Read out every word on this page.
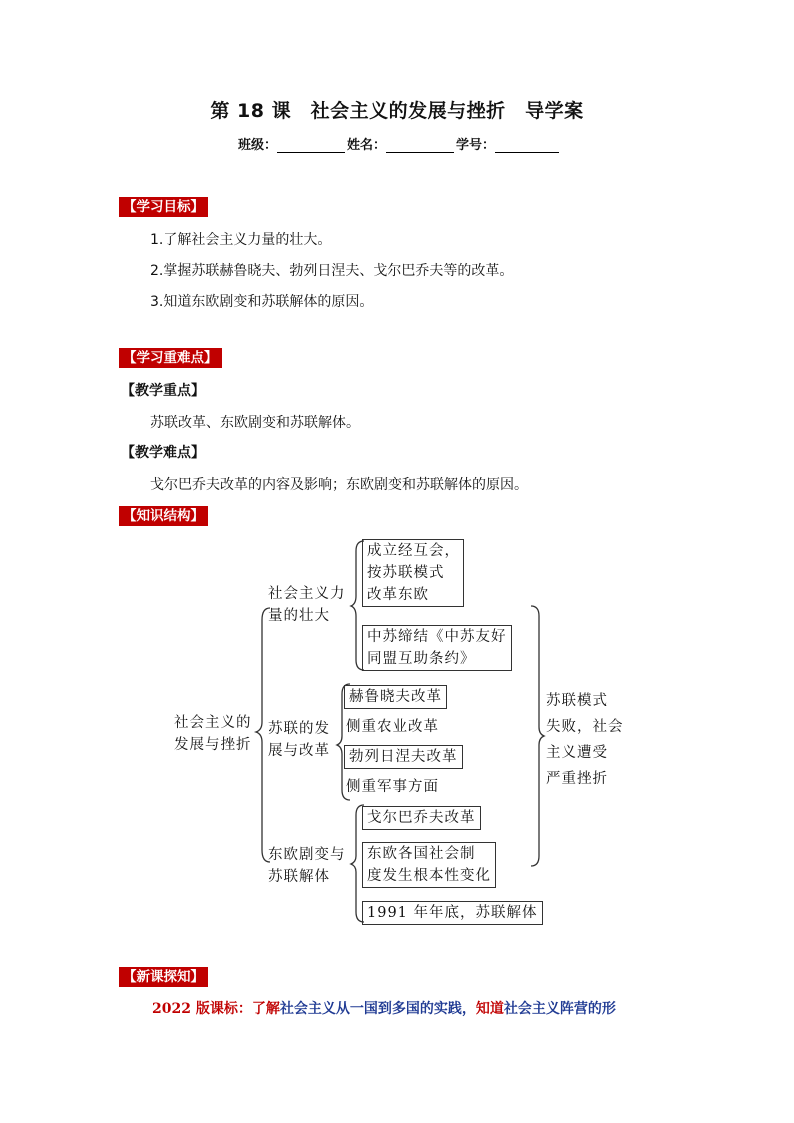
第 18 课　社会主义的发展与挫折　导学案
班级：	姓名：	学号：
【学习目标】
1.了解社会主义力量的壮大。
2.掌握苏联赫鲁晓夫、勃列日涅夫、戈尔巴乔夫等的改革。
3.知道东欧剧变和苏联解体的原因。
【学习重难点】
【教学重点】
苏联改革、东欧剧变和苏联解体。
【教学难点】
戈尔巴乔夫改革的内容及影响；东欧剧变和苏联解体的原因。
【知识结构】
社会主义的
发展与挫折
社会主义力
量的壮大
成立经互会，
按苏联模式
改革东欧
中苏缔结《中苏友好
同盟互助条约》
苏联的发
展与改革
赫鲁晓夫改革
侧重农业改革
勃列日涅夫改革
侧重军事方面
东欧剧变与
苏联解体
戈尔巴乔夫改革
东欧各国社会制
度发生根本性变化
1991 年年底，苏联解体
苏联模式
失败，社会
主义遭受
严重挫折
【新课探知】
2022 版课标：了解社会主义从一国到多国的实践，知道社会主义阵营的形
